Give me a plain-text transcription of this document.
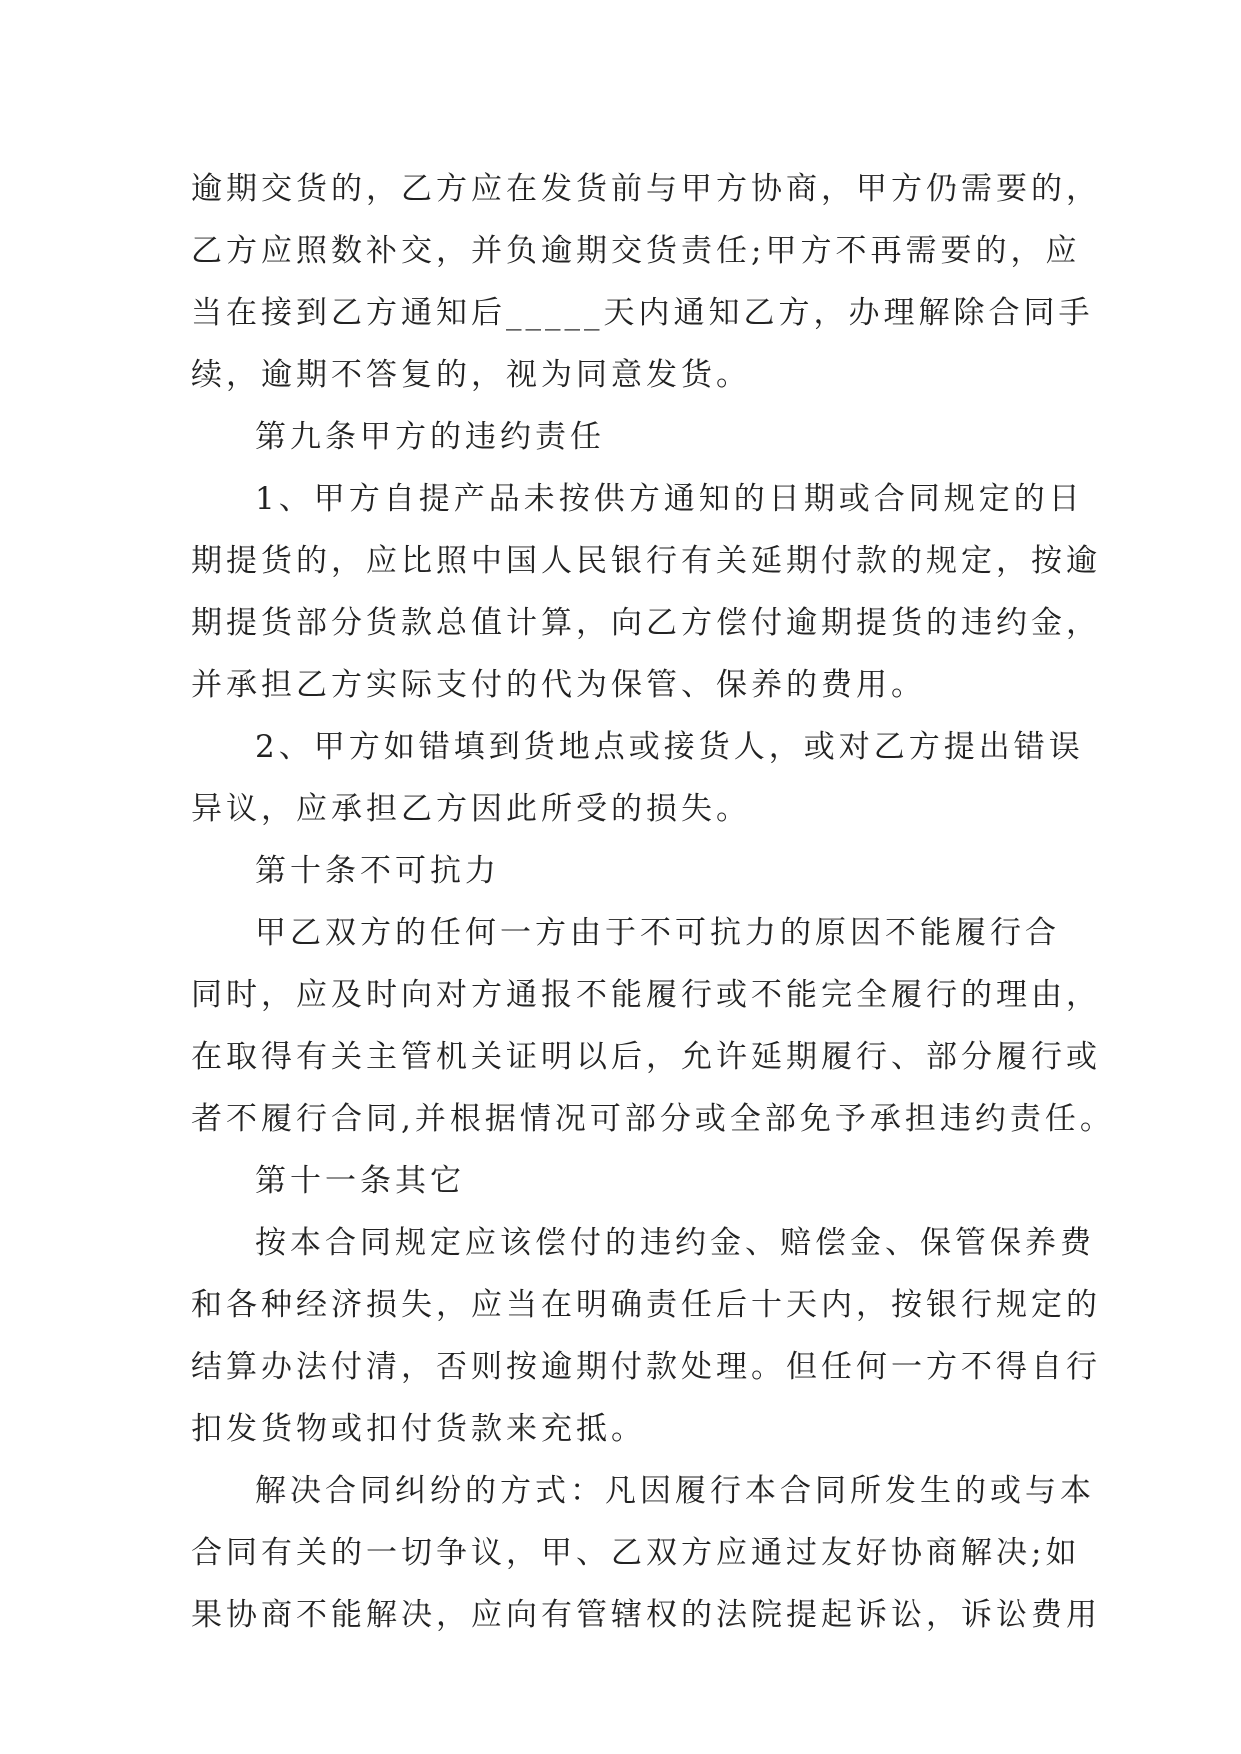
逾期交货的，乙方应在发货前与甲方协商，甲方仍需要的，
乙方应照数补交，并负逾期交货责任;甲方不再需要的，应
当在接到乙方通知后_____天内通知乙方，办理解除合同手
续，逾期不答复的，视为同意发货。
第九条甲方的违约责任
1、甲方自提产品未按供方通知的日期或合同规定的日
期提货的，应比照中国人民银行有关延期付款的规定，按逾
期提货部分货款总值计算，向乙方偿付逾期提货的违约金，
并承担乙方实际支付的代为保管、保养的费用。
2、甲方如错填到货地点或接货人，或对乙方提出错误
异议，应承担乙方因此所受的损失。
第十条不可抗力
甲乙双方的任何一方由于不可抗力的原因不能履行合
同时，应及时向对方通报不能履行或不能完全履行的理由，
在取得有关主管机关证明以后，允许延期履行、部分履行或
者不履行合同,并根据情况可部分或全部免予承担违约责任。
第十一条其它
按本合同规定应该偿付的违约金、赔偿金、保管保养费
和各种经济损失，应当在明确责任后十天内，按银行规定的
结算办法付清，否则按逾期付款处理。但任何一方不得自行
扣发货物或扣付货款来充抵。
解决合同纠纷的方式：凡因履行本合同所发生的或与本
合同有关的一切争议，甲、乙双方应通过友好协商解决;如
果协商不能解决，应向有管辖权的法院提起诉讼，诉讼费用
